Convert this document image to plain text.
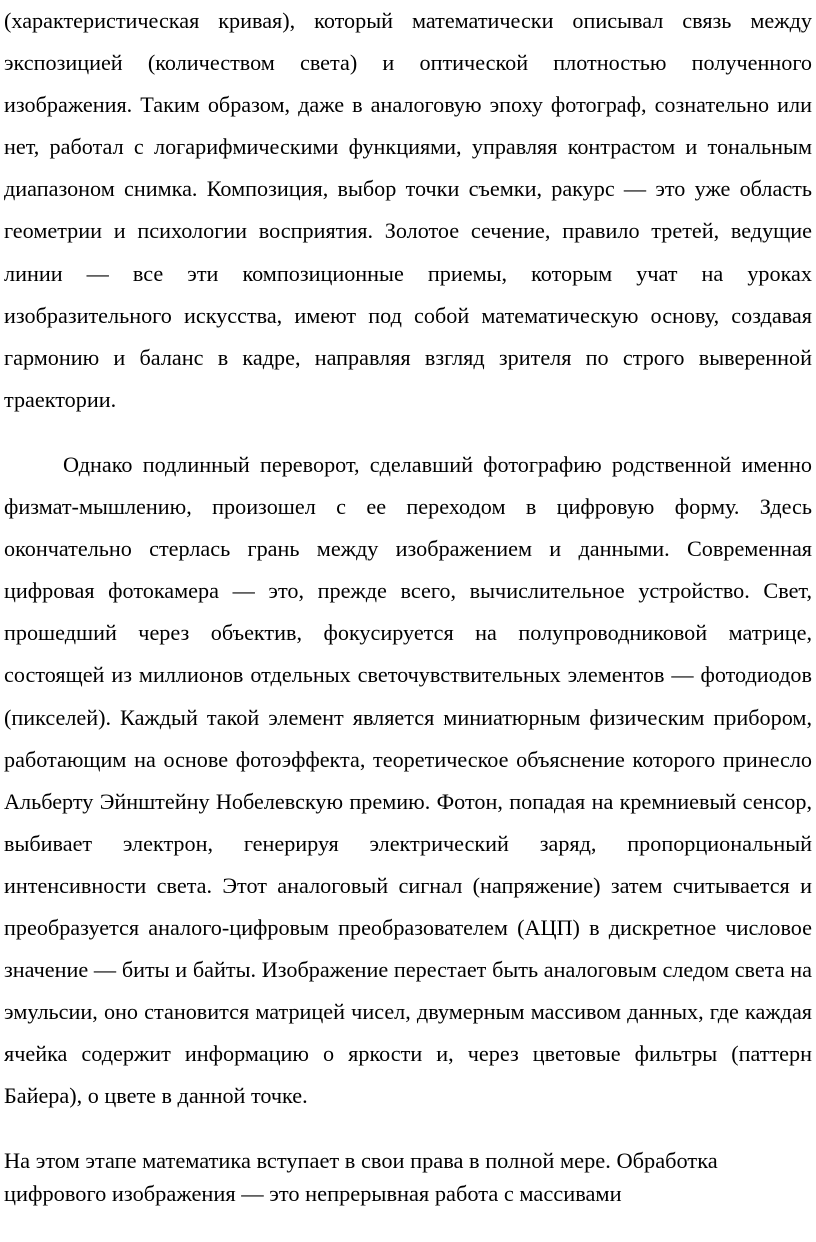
(характеристическая кривая), который математически описывал связь между экспозицией (количеством света) и оптической плотностью полученного изображения. Таким образом, даже в аналоговую эпоху фотограф, сознательно или нет, работал с логарифмическими функциями, управляя контрастом и тональным диапазоном снимка. Композиция, выбор точки съемки, ракурс — это уже область геометрии и психологии восприятия. Золотое сечение, правило третей, ведущие линии — все эти композиционные приемы, которым учат на уроках изобразительного искусства, имеют под собой математическую основу, создавая гармонию и баланс в кадре, направляя взгляд зрителя по строго выверенной траектории.

Однако подлинный переворот, сделавший фотографию родственной именно физмат-мышлению, произошел с ее переходом в цифровую форму. Здесь окончательно стерлась грань между изображением и данными. Современная цифровая фотокамера — это, прежде всего, вычислительное устройство. Свет, прошедший через объектив, фокусируется на полупроводниковой матрице, состоящей из миллионов отдельных светочувствительных элементов — фотодиодов (пикселей). Каждый такой элемент является миниатюрным физическим прибором, работающим на основе фотоэффекта, теоретическое объяснение которого принесло Альберту Эйнштейну Нобелевскую премию. Фотон, попадая на кремниевый сенсор, выбивает электрон, генерируя электрический заряд, пропорциональный интенсивности света. Этот аналоговый сигнал (напряжение) затем считывается и преобразуется аналого-цифровым преобразователем (АЦП) в дискретное числовое значение — биты и байты. Изображение перестает быть аналоговым следом света на эмульсии, оно становится матрицей чисел, двумерным массивом данных, где каждая ячейка содержит информацию о яркости и, через цветовые фильтры (паттерн Байера), о цвете в данной точке.

На этом этапе математика вступает в свои права в полной мере. Обработка цифрового изображения — это непрерывная работа с массивами
